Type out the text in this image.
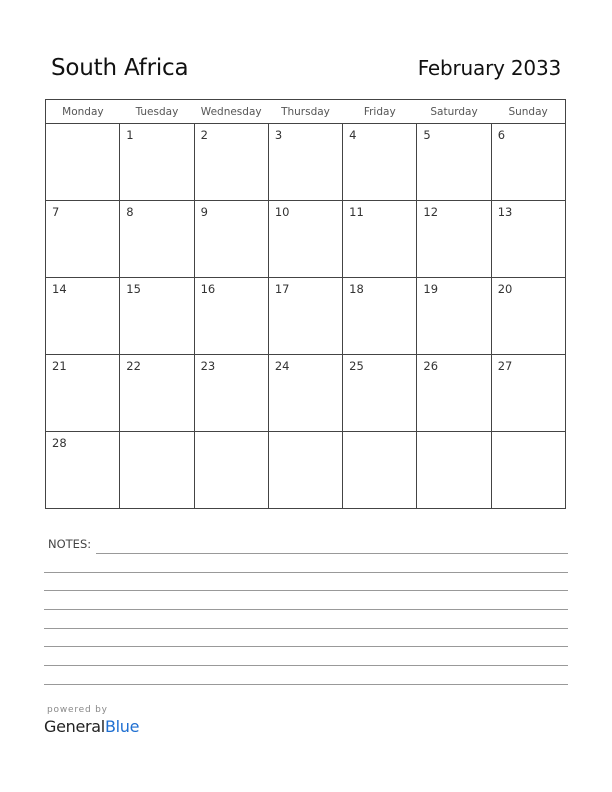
South Africa	February 2033
Monday	Tuesday	Wednesday	Thursday	Friday	Saturday	Sunday

	1	2	3	4	5	6

7	8	9	10	11	12	13

14	15	16	17	18	19	20

21	22	23	24	25	26	27

28						

NOTES:
powered by
GeneralBlue
